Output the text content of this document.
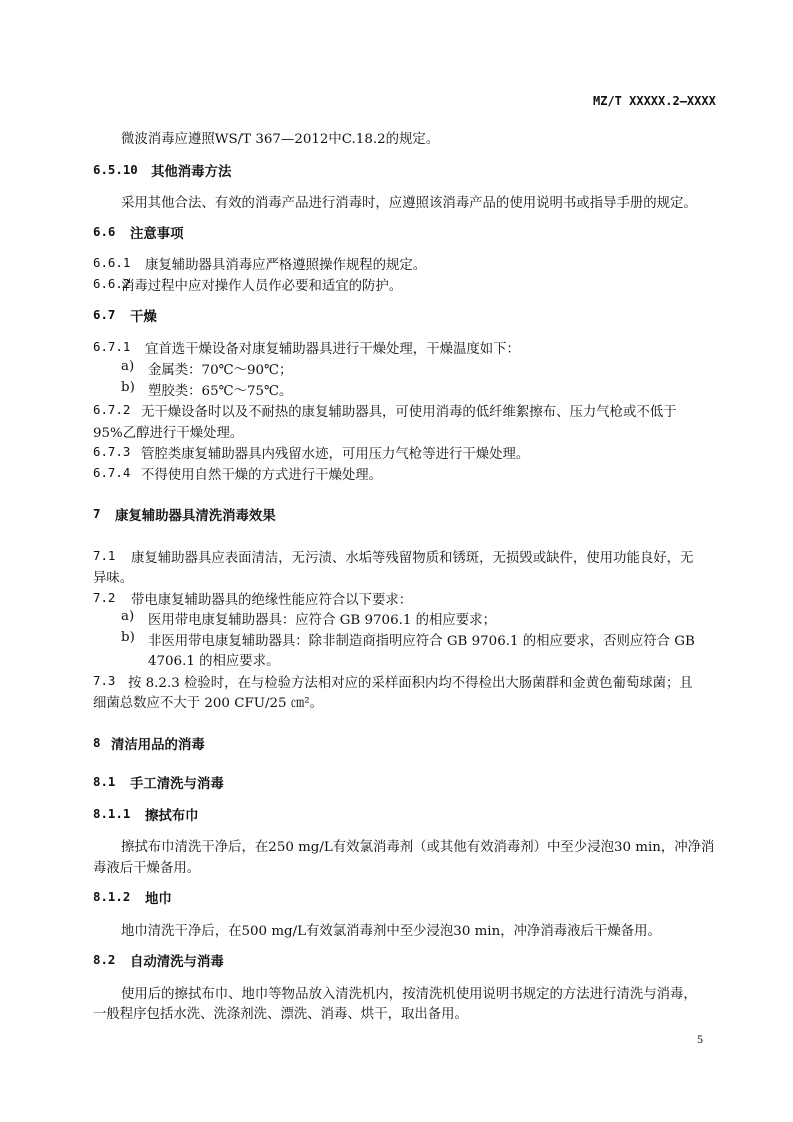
MZ/T XXXXX.2—XXXX
微波消毒应遵照WS/T 367—2012中C.18.2的规定。
6.5.10 其他消毒方法
采用其他合法、有效的消毒产品进行消毒时，应遵照该消毒产品的使用说明书或指导手册的规定。
6.6 注意事项
6.6.1 康复辅助器具消毒应严格遵照操作规程的规定。
6.6.2
消毒过程中应对操作人员作必要和适宜的防护。
6.7 干燥
6.7.1 宜首选干燥设备对康复辅助器具进行干燥处理，干燥温度如下：
a) 金属类：70℃～90℃；
b) 塑胶类：65℃～75℃。
6.7.2 无干燥设备时以及不耐热的康复辅助器具，可使用消毒的低纤维絮擦布、压力气枪或不低于
95%乙醇进行干燥处理。
6.7.3 管腔类康复辅助器具内残留水迹，可用压力气枪等进行干燥处理。
6.7.4 不得使用自然干燥的方式进行干燥处理。
7 康复辅助器具清洗消毒效果
7.1 康复辅助器具应表面清洁，无污渍、水垢等残留物质和锈斑，无损毁或缺件，使用功能良好，无
异味。
7.2 带电康复辅助器具的绝缘性能应符合以下要求：
a) 医用带电康复辅助器具：应符合 GB 9706.1 的相应要求；
b) 非医用带电康复辅助器具：除非制造商指明应符合 GB 9706.1 的相应要求，否则应符合 GB
4706.1 的相应要求。
7.3 按 8.2.3 检验时，在与检验方法相对应的采样面积内均不得检出大肠菌群和金黄色葡萄球菌；且
细菌总数应不大于 200 CFU/25 ㎝²。
8 清洁用品的消毒
8.1 手工清洗与消毒
8.1.1 擦拭布巾
擦拭布巾清洗干净后，在250 mg/L有效氯消毒剂（或其他有效消毒剂）中至少浸泡30 min，冲净消
毒液后干燥备用。
8.1.2 地巾
地巾清洗干净后，在500 mg/L有效氯消毒剂中至少浸泡30 min，冲净消毒液后干燥备用。
8.2 自动清洗与消毒
使用后的擦拭布巾、地巾等物品放入清洗机内，按清洗机使用说明书规定的方法进行清洗与消毒，
一般程序包括水洗、洗涤剂洗、漂洗、消毒、烘干，取出备用。
5
